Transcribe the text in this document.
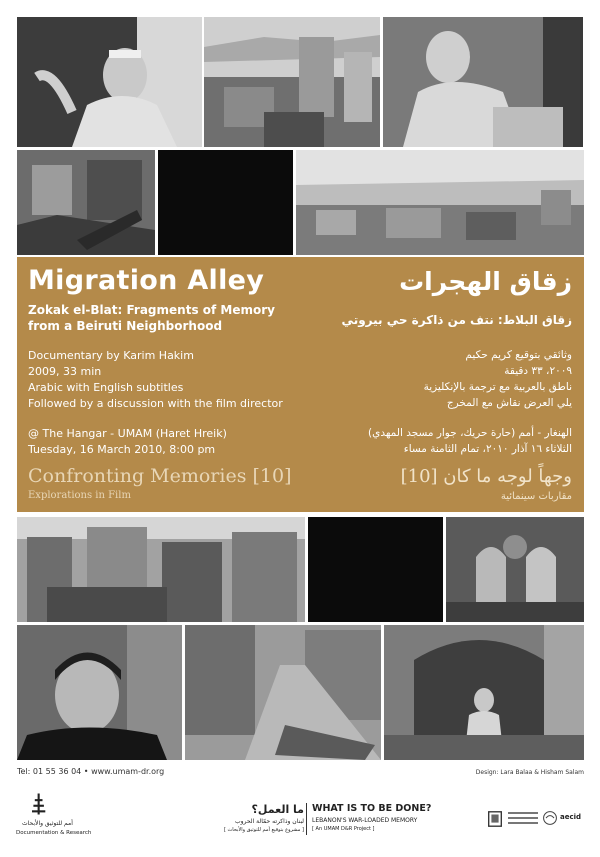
Migration Alley
Zokak el-Blat: Fragments of Memory
from a Beiruti Neighborhood
Documentary by Karim Hakim
2009, 33 min
Arabic with English subtitles
Followed by a discussion with the film director
@ The Hangar - UMAM (Haret Hreik)
Tuesday, 16 March 2010, 8:00 pm
Confronting Memories [10]
Explorations in Film
زقاق الهجرات
زقاق البلاط: نتف من ذاكرة حي بيروتي
وثائقي بتوقيع كريم حكيم
٢٠٠٩، ٣٣ دقيقة
ناطق بالعربية مع ترجمة بالإنكليزية
يلي العرض نقاش مع المخرج
الهنغار - أمم (حارة حريك، جوار مسجد المهدي)
الثلاثاء ١٦ آذار ٢٠١٠، تمام الثامنة مساء
وجهاً لوجه ما كان [10]
مقاربات سينمائية
Tel: 01 55 36 04 • www.umam-dr.org	Design: Lara Balaa & Hisham Salam
أمم للتوثيق والأبحاث
Documentation & Research
ما العمل؟
لبنان وذاكرته حمّالة الحروب
[ مشروع بتوقيع أمم للتوثيق والأبحاث ]
WHAT IS TO BE DONE?
LEBANON'S WAR-LOADED MEMORY
[ An UMAM D&R Project ]
aecid
